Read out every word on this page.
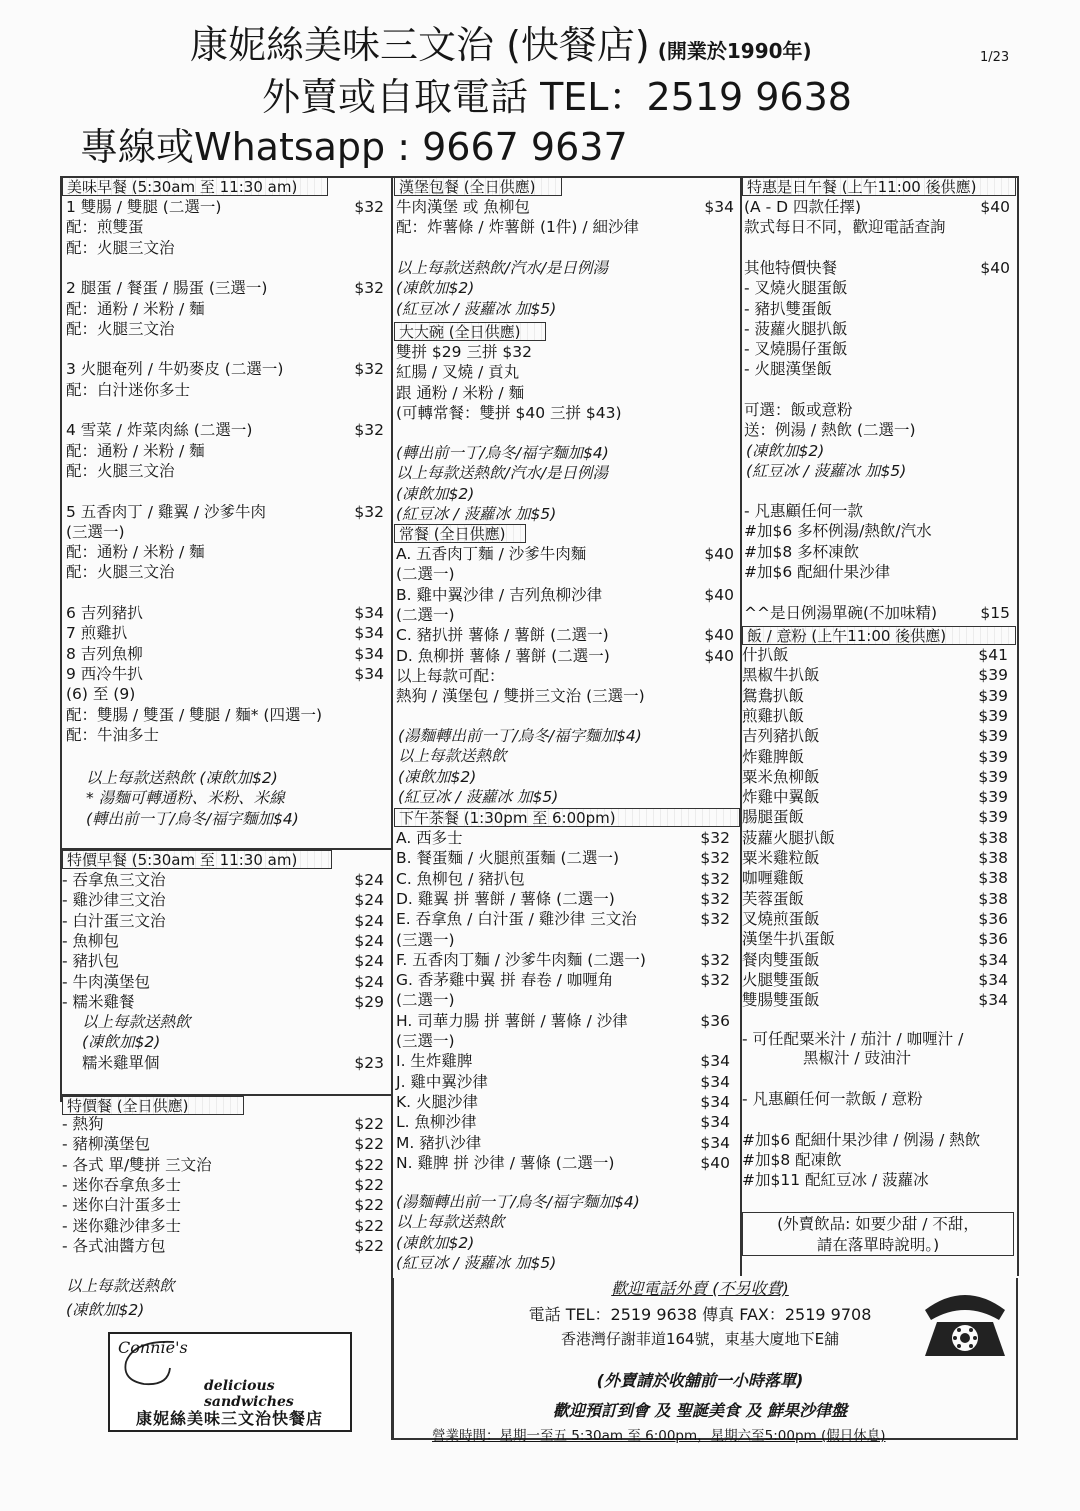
康妮絲美味三文治 (快餐店) (開業於1990年)	1/23
外賣或自取電話 TEL：2519 9638
專線或Whatsapp : 9667 9637
美味早餐 (5:30am 至 11:30 am)
1 雙腸 / 雙腿 (二選一)	$32
配：煎雙蛋
配：火腿三文治
2 腿蛋 / 餐蛋 / 腸蛋 (三選一)	$32
配：通粉 / 米粉 / 麵
配：火腿三文治
3 火腿奄列 / 牛奶麥皮 (二選一)	$32
配：白汁迷你多士
4 雪菜 / 炸菜肉絲 (二選一)	$32
配：通粉 / 米粉 / 麵
配：火腿三文治
5 五香肉丁 / 雞翼 / 沙爹牛肉	$32
(三選一)
配：通粉 / 米粉 / 麵
配：火腿三文治
6 吉列豬扒	$34
7 煎雞扒	$34
8 吉列魚柳	$34
9 西冷牛扒	$34
(6) 至 (9)
配：雙腸 / 雙蛋 / 雙腿 / 麵* (四選一)
配：牛油多士
以上每款送熱飲 (凍飲加$2)
* 湯麵可轉通粉、米粉、米線
(轉出前一丁/烏冬/福字麵加$4)
特價早餐 (5:30am 至 11:30 am)
- 吞拿魚三文治	$24
- 雞沙律三文治	$24
- 白汁蛋三文治	$24
- 魚柳包	$24
- 豬扒包	$24
- 牛肉漢堡包	$24
- 糯米雞餐	$29
以上每款送熱飲
(凍飲加$2)
糯米雞單個	$23
特價餐 (全日供應)
- 熱狗	$22
- 豬柳漢堡包	$22
- 各式 單/雙拼 三文治	$22
- 迷你吞拿魚多士	$22
- 迷你白汁蛋多士	$22
- 迷你雞沙律多士	$22
- 各式油醬方包	$22
以上每款送熱飲
(凍飲加$2)
漢堡包餐 (全日供應)
牛肉漢堡 或 魚柳包	$34
配：炸薯條 / 炸薯餅 (1件) / 細沙律
以上每款送熱飲/汽水/是日例湯
(凍飲加$2)
(紅豆冰 / 菠蘿冰 加$5)
大大碗 (全日供應)
雙拼 $29 三拼 $32
紅腸 / 叉燒 / 貢丸
跟 通粉 / 米粉 / 麵
(可轉常餐：雙拼 $40 三拼 $43)
(轉出前一丁/烏冬/福字麵加$4)
以上每款送熱飲/汽水/是日例湯
(凍飲加$2)
(紅豆冰 / 菠蘿冰 加$5)
常餐 (全日供應)
A. 五香肉丁麵 / 沙爹牛肉麵	$40
(二選一)
B. 雞中翼沙律 / 吉列魚柳沙律	$40
(二選一)
C. 豬扒拼 薯條 / 薯餅 (二選一)	$40
D. 魚柳拼 薯條 / 薯餅 (二選一)	$40
以上每款可配：
熱狗 / 漢堡包 / 雙拼三文治 (三選一)
(湯麵轉出前一丁/烏冬/福字麵加$4)
以上每款送熱飲
(凍飲加$2)
(紅豆冰 / 菠蘿冰 加$5)
下午茶餐 (1:30pm 至 6:00pm)
A. 西多士	$32
B. 餐蛋麵 / 火腿煎蛋麵 (二選一)	$32
C. 魚柳包 / 豬扒包	$32
D. 雞翼 拼 薯餅 / 薯條 (二選一)	$32
E. 吞拿魚 / 白汁蛋 / 雞沙律 三文治	$32
(三選一)
F. 五香肉丁麵 / 沙爹牛肉麵 (二選一)	$32
G. 香茅雞中翼 拼 春卷 / 咖喱角	$32
(二選一)
H. 司華力腸 拼 薯餅 / 薯條 / 沙律	$36
(三選一)
I. 生炸雞脾	$34
J. 雞中翼沙律	$34
K. 火腿沙律	$34
L. 魚柳沙律	$34
M. 豬扒沙律	$34
N. 雞脾 拼 沙律 / 薯條 (二選一)	$40
(湯麵轉出前一丁/烏冬/福字麵加$4)
以上每款送熱飲
(凍飲加$2)
(紅豆冰 / 菠蘿冰 加$5)
特惠是日午餐 (上午11:00 後供應)
(A - D 四款任擇)	$40
款式每日不同，歡迎電話查詢
其他特價快餐	$40
- 叉燒火腿蛋飯
- 豬扒雙蛋飯
- 菠蘿火腿扒飯
- 叉燒腸仔蛋飯
- 火腿漢堡飯
可選：飯或意粉
送：例湯 / 熱飲 (二選一)
(凍飲加$2)
(紅豆冰 / 菠蘿冰 加$5)
- 凡惠顧任何一款
#加$6 多杯例湯/熱飲/汽水
#加$8 多杯凍飲
#加$6 配細什果沙律
^^是日例湯單碗(不加味精)	$15
飯 / 意粉 (上午11:00 後供應)
什扒飯	$41
黑椒牛扒飯	$39
鴛鴦扒飯	$39
煎雞扒飯	$39
吉列豬扒飯	$39
炸雞脾飯	$39
粟米魚柳飯	$39
炸雞中翼飯	$39
腸腿蛋飯	$39
菠蘿火腿扒飯	$38
粟米雞粒飯	$38
咖喱雞飯	$38
芙蓉蛋飯	$38
叉燒煎蛋飯	$36
漢堡牛扒蛋飯	$36
餐肉雙蛋飯	$34
火腿雙蛋飯	$34
雙腸雙蛋飯	$34
- 可任配粟米汁 / 茄汁 / 咖喱汁 /
黑椒汁 / 豉油汁
- 凡惠顧任何一款飯 / 意粉
#加$6 配細什果沙律 / 例湯 / 熱飲
#加$8 配凍飲
#加$11 配紅豆冰 / 菠蘿冰
(外賣飲品: 如要少甜 / 不甜，
請在落單時說明。)
歡迎電話外賣 (不另收費)
電話 TEL：2519 9638 傳真 FAX：2519 9708
香港灣仔謝菲道164號，東基大廈地下E舖
(外賣請於收舖前一小時落單)
歡迎預訂到會 及 聖誕美食 及 鮮果沙律盤
營業時間：星期一至五 5:30am 至 6:00pm，星期六至5:00pm (假日休息)
Connie's
delicious sandwiches
康妮絲美味三文治快餐店
